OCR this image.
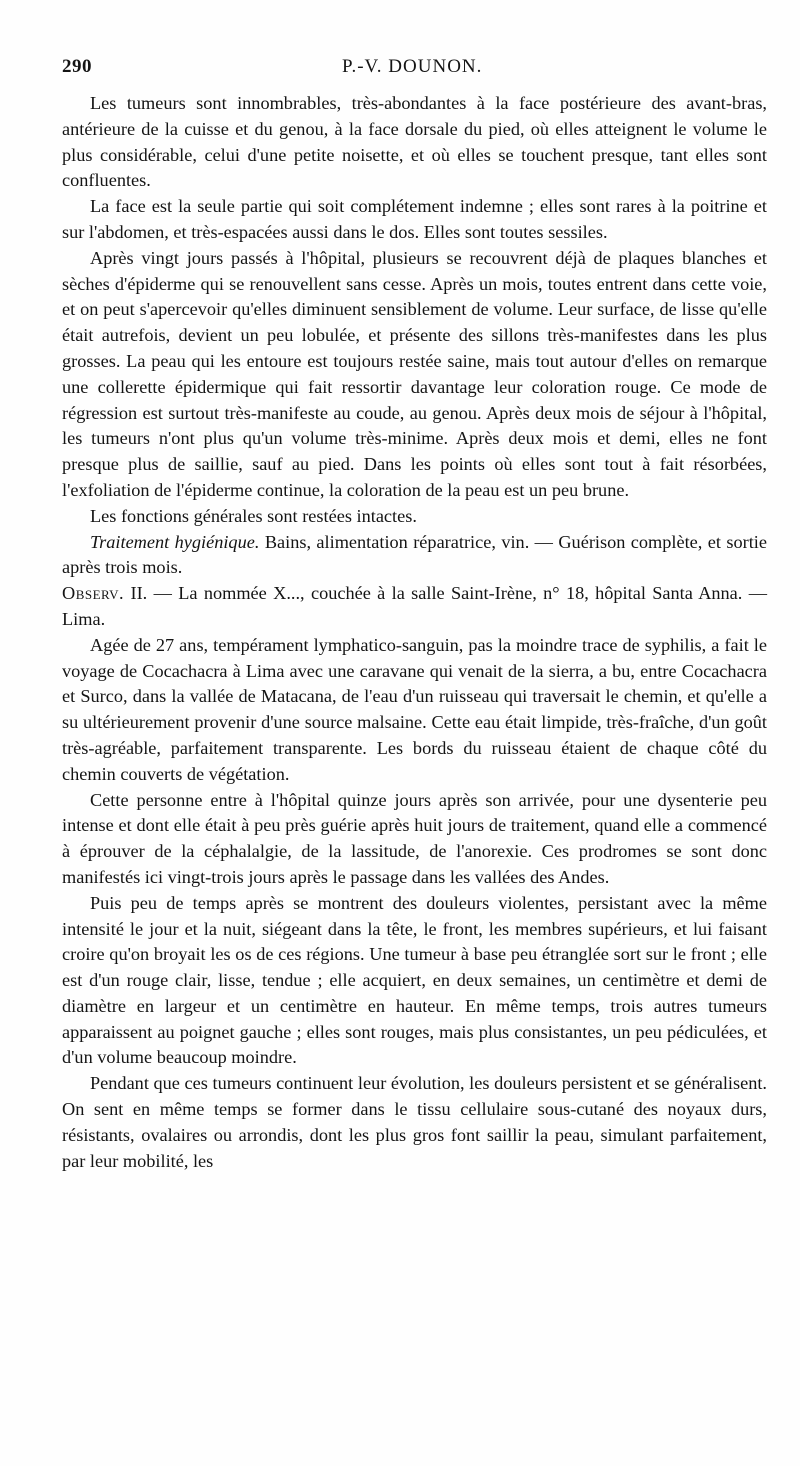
290	P.-V. DOUNON.

Les tumeurs sont innombrables, très-abondantes à la face postérieure des avant-bras, antérieure de la cuisse et du genou, à la face dorsale du pied, où elles atteignent le volume le plus considérable, celui d'une petite noisette, et où elles se touchent presque, tant elles sont confluentes.

La face est la seule partie qui soit complétement indemne ; elles sont rares à la poitrine et sur l'abdomen, et très-espacées aussi dans le dos. Elles sont toutes sessiles.

Après vingt jours passés à l'hôpital, plusieurs se recouvrent déjà de plaques blanches et sèches d'épiderme qui se renouvellent sans cesse. Après un mois, toutes entrent dans cette voie, et on peut s'apercevoir qu'elles diminuent sensiblement de volume. Leur surface, de lisse qu'elle était autrefois, devient un peu lobulée, et présente des sillons très-manifestes dans les plus grosses. La peau qui les entoure est toujours restée saine, mais tout autour d'elles on remarque une collerette épidermique qui fait ressortir davantage leur coloration rouge. Ce mode de régression est surtout très-manifeste au coude, au genou. Après deux mois de séjour à l'hôpital, les tumeurs n'ont plus qu'un volume très-minime. Après deux mois et demi, elles ne font presque plus de saillie, sauf au pied. Dans les points où elles sont tout à fait résorbées, l'exfoliation de l'épiderme continue, la coloration de la peau est un peu brune.

Les fonctions générales sont restées intactes.

Traitement hygiénique. Bains, alimentation réparatrice, vin. — Guérison complète, et sortie après trois mois.

Observ. II. — La nommée X..., couchée à la salle Saint-Irène, n° 18, hôpital Santa Anna. — Lima.

Agée de 27 ans, tempérament lymphatico-sanguin, pas la moindre trace de syphilis, a fait le voyage de Cocachacra à Lima avec une caravane qui venait de la sierra, a bu, entre Cocachacra et Surco, dans la vallée de Matacana, de l'eau d'un ruisseau qui traversait le chemin, et qu'elle a su ultérieurement provenir d'une source malsaine. Cette eau était limpide, très-fraîche, d'un goût très-agréable, parfaitement transparente. Les bords du ruisseau étaient de chaque côté du chemin couverts de végétation.

Cette personne entre à l'hôpital quinze jours après son arrivée, pour une dysenterie peu intense et dont elle était à peu près guérie après huit jours de traitement, quand elle a commencé à éprouver de la céphalalgie, de la lassitude, de l'anorexie. Ces prodromes se sont donc manifestés ici vingt-trois jours après le passage dans les vallées des Andes.

Puis peu de temps après se montrent des douleurs violentes, persistant avec la même intensité le jour et la nuit, siégeant dans la tête, le front, les membres supérieurs, et lui faisant croire qu'on broyait les os de ces régions. Une tumeur à base peu étranglée sort sur le front ; elle est d'un rouge clair, lisse, tendue ; elle acquiert, en deux semaines, un centimètre et demi de diamètre en largeur et un centimètre en hauteur. En même temps, trois autres tumeurs apparaissent au poignet gauche ; elles sont rouges, mais plus consistantes, un peu pédiculées, et d'un volume beaucoup moindre.

Pendant que ces tumeurs continuent leur évolution, les douleurs persistent et se généralisent. On sent en même temps se former dans le tissu cellulaire sous-cutané des noyaux durs, résistants, ovalaires ou arrondis, dont les plus gros font saillir la peau, simulant parfaitement, par leur mobilité, les
